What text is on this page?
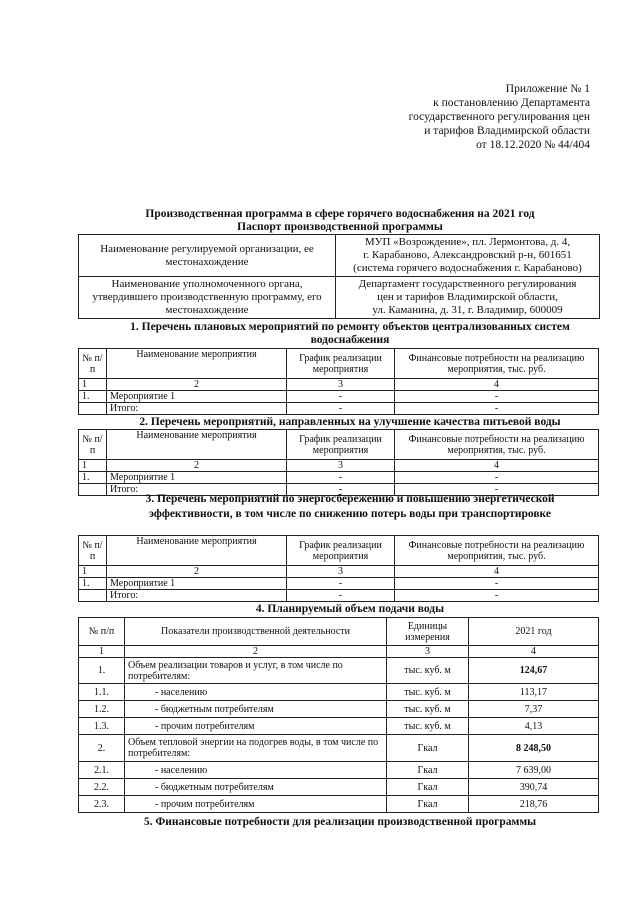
Приложение № 1
к постановлению Департамента
государственного регулирования цен
и тарифов Владимирской области
от 18.12.2020 № 44/404
Производственная программа в сфере горячего водоснабжения на 2021 год
Паспорт производственной программы
Наименование регулируемой организации, ее местонахождение	МУП «Возрождение», пл. Лермонтова, д. 4,
г. Карабаново, Александровский р-н, 601651
(система горячего водоснабжения г. Карабаново)

Наименование уполномоченного органа, утвердившего производственную программу, его местонахождение	Департамент государственного регулирования
цен и тарифов Владимирской области,
ул. Каманина, д. 31, г. Владимир, 600009
1. Перечень плановых мероприятий по ремонту объектов централизованных систем водоснабжения
№ п/п	Наименование мероприятия	График реализации мероприятия	Финансовые потребности на реализацию мероприятия, тыс. руб.
1	2	3	4
1.	Мероприятие 1	-	-
	Итого:	-	-
2. Перечень мероприятий, направленных на улучшение качества питьевой воды
№ п/п	Наименование мероприятия	График реализации мероприятия	Финансовые потребности на реализацию мероприятия, тыс. руб.
1	2	3	4
1.	Мероприятие 1	-	-
	Итого:	-	-
3. Перечень мероприятий по энергосбережению и повышению энергетической
эффективности, в том числе по снижению потерь воды при транспортировке
№ п/п	Наименование мероприятия	График реализации мероприятия	Финансовые потребности на реализацию мероприятия, тыс. руб.
1	2	3	4
1.	Мероприятие 1	-	-
	Итого:	-	-
4. Планируемый объем подачи воды
№ п/п	Показатели производственной деятельности	Единицы измерения	2021 год
1	2	3	4
1.	Объем реализации товаров и услуг, в том числе по потребителям:	тыс. куб. м	124,67
1.1.	- населению	тыс. куб. м	113,17
1.2.	- бюджетным потребителям	тыс. куб. м	7,37
1.3.	- прочим потребителям	тыс. куб. м	4,13
2.	Объем тепловой энергии на подогрев воды, в том числе по потребителям:	Гкал	8 248,50
2.1.	- населению	Гкал	7 639,00
2.2.	- бюджетным потребителям	Гкал	390,74
2.3.	- прочим потребителям	Гкал	218,76
5. Финансовые потребности для реализации производственной программы
